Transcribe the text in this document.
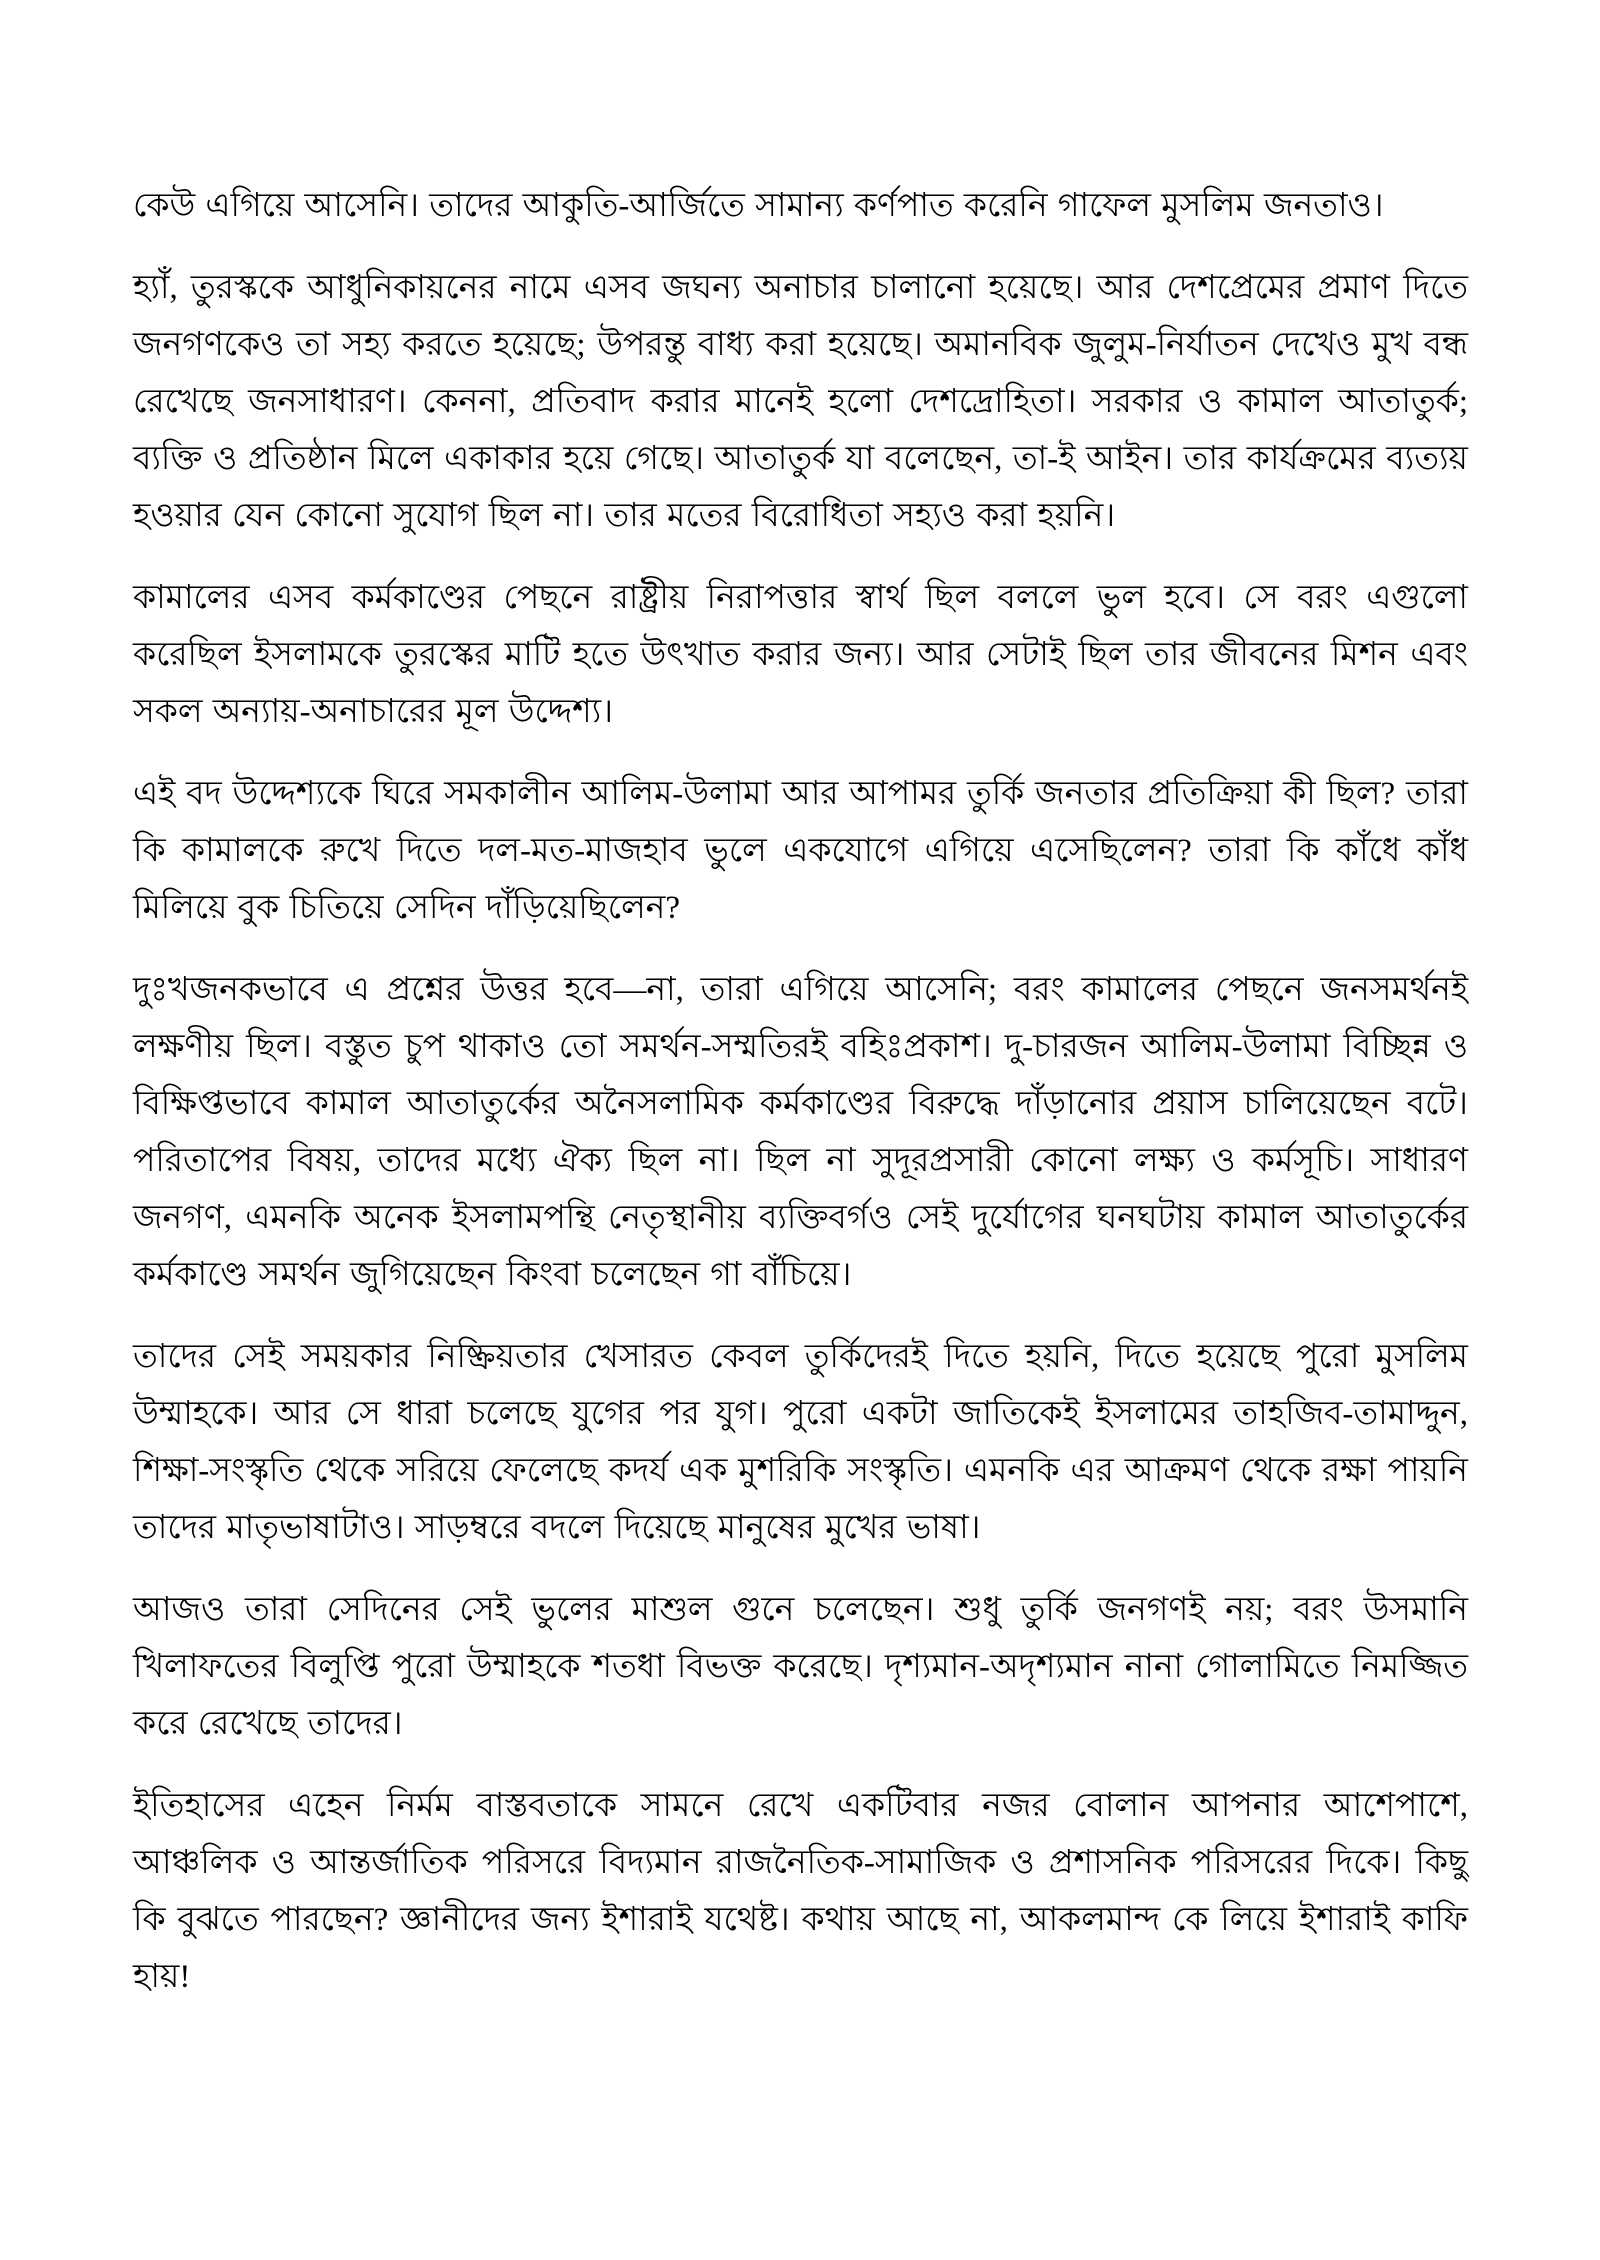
কেউ এগিয়ে আসেনি। তাদের আকুতি-আর্জিতে সামান্য কর্ণপাত করেনি গাফেল মুসলিম জনতাও।

হ্যাঁ, তুরস্ককে আধুনিকায়নের নামে এসব জঘন্য অনাচার চালানো হয়েছে। আর দেশপ্রেমের প্রমাণ দিতে জনগণকেও তা সহ্য করতে হয়েছে; উপরন্তু বাধ্য করা হয়েছে। অমানবিক জুলুম-নির্যাতন দেখেও মুখ বন্ধ রেখেছে জনসাধারণ। কেননা, প্রতিবাদ করার মানেই হলো দেশদ্রোহিতা। সরকার ও কামাল আতাতুর্ক; ব্যক্তি ও প্রতিষ্ঠান মিলে একাকার হয়ে গেছে। আতাতুর্ক যা বলেছেন, তা-ই আইন। তার কার্যক্রমের ব্যত্যয় হওয়ার যেন কোনো সুযোগ ছিল না। তার মতের বিরোধিতা সহ্যও করা হয়নি।

কামালের এসব কর্মকাণ্ডের পেছনে রাষ্ট্রীয় নিরাপত্তার স্বার্থ ছিল বললে ভুল হবে। সে বরং এগুলো করেছিল ইসলামকে তুরস্কের মাটি হতে উৎখাত করার জন্য। আর সেটাই ছিল তার জীবনের মিশন এবং সকল অন্যায়-অনাচারের মূল উদ্দেশ্য।

এই বদ উদ্দেশ্যকে ঘিরে সমকালীন আলিম-উলামা আর আপামর তুর্কি জনতার প্রতিক্রিয়া কী ছিল? তারা কি কামালকে রুখে দিতে দল-মত-মাজহাব ভুলে একযোগে এগিয়ে এসেছিলেন? তারা কি কাঁধে কাঁধ মিলিয়ে বুক চিতিয়ে সেদিন দাঁড়িয়েছিলেন?

দুঃখজনকভাবে এ প্রশ্নের উত্তর হবে—না, তারা এগিয়ে আসেনি; বরং কামালের পেছনে জনসমর্থনই লক্ষণীয় ছিল। বস্তুত চুপ থাকাও তো সমর্থন-সম্মতিরই বহিঃপ্রকাশ। দু-চারজন আলিম-উলামা বিচ্ছিন্ন ও বিক্ষিপ্তভাবে কামাল আতাতুর্কের অনৈসলামিক কর্মকাণ্ডের বিরুদ্ধে দাঁড়ানোর প্রয়াস চালিয়েছেন বটে। পরিতাপের বিষয়, তাদের মধ্যে ঐক্য ছিল না। ছিল না সুদূরপ্রসারী কোনো লক্ষ্য ও কর্মসূচি। সাধারণ জনগণ, এমনকি অনেক ইসলামপন্থি নেতৃস্থানীয় ব্যক্তিবর্গও সেই দুর্যোগের ঘনঘটায় কামাল আতাতুর্কের কর্মকাণ্ডে সমর্থন জুগিয়েছেন কিংবা চলেছেন গা বাঁচিয়ে।

তাদের সেই সময়কার নিষ্ক্রিয়তার খেসারত কেবল তুর্কিদেরই দিতে হয়নি, দিতে হয়েছে পুরো মুসলিম উম্মাহকে। আর সে ধারা চলেছে যুগের পর যুগ। পুরো একটা জাতিকেই ইসলামের তাহজিব-তামাদ্দুন, শিক্ষা-সংস্কৃতি থেকে সরিয়ে ফেলেছে কদর্য এক মুশরিকি সংস্কৃতি। এমনকি এর আক্রমণ থেকে রক্ষা পায়নি তাদের মাতৃভাষাটাও। সাড়ম্বরে বদলে দিয়েছে মানুষের মুখের ভাষা।

আজও তারা সেদিনের সেই ভুলের মাশুল গুনে চলেছেন। শুধু তুর্কি জনগণই নয়; বরং উসমানি খিলাফতের বিলুপ্তি পুরো উম্মাহকে শতধা বিভক্ত করেছে। দৃশ্যমান-অদৃশ্যমান নানা গোলামিতে নিমজ্জিত করে রেখেছে তাদের।

ইতিহাসের এহেন নির্মম বাস্তবতাকে সামনে রেখে একটিবার নজর বোলান আপনার আশেপাশে, আঞ্চলিক ও আন্তর্জাতিক পরিসরে বিদ্যমান রাজনৈতিক-সামাজিক ও প্রশাসনিক পরিসরের দিকে। কিছু কি বুঝতে পারছেন? জ্ঞানীদের জন্য ইশারাই যথেষ্ট। কথায় আছে না, আকলমান্দ কে লিয়ে ইশারাই কাফি হায়!
